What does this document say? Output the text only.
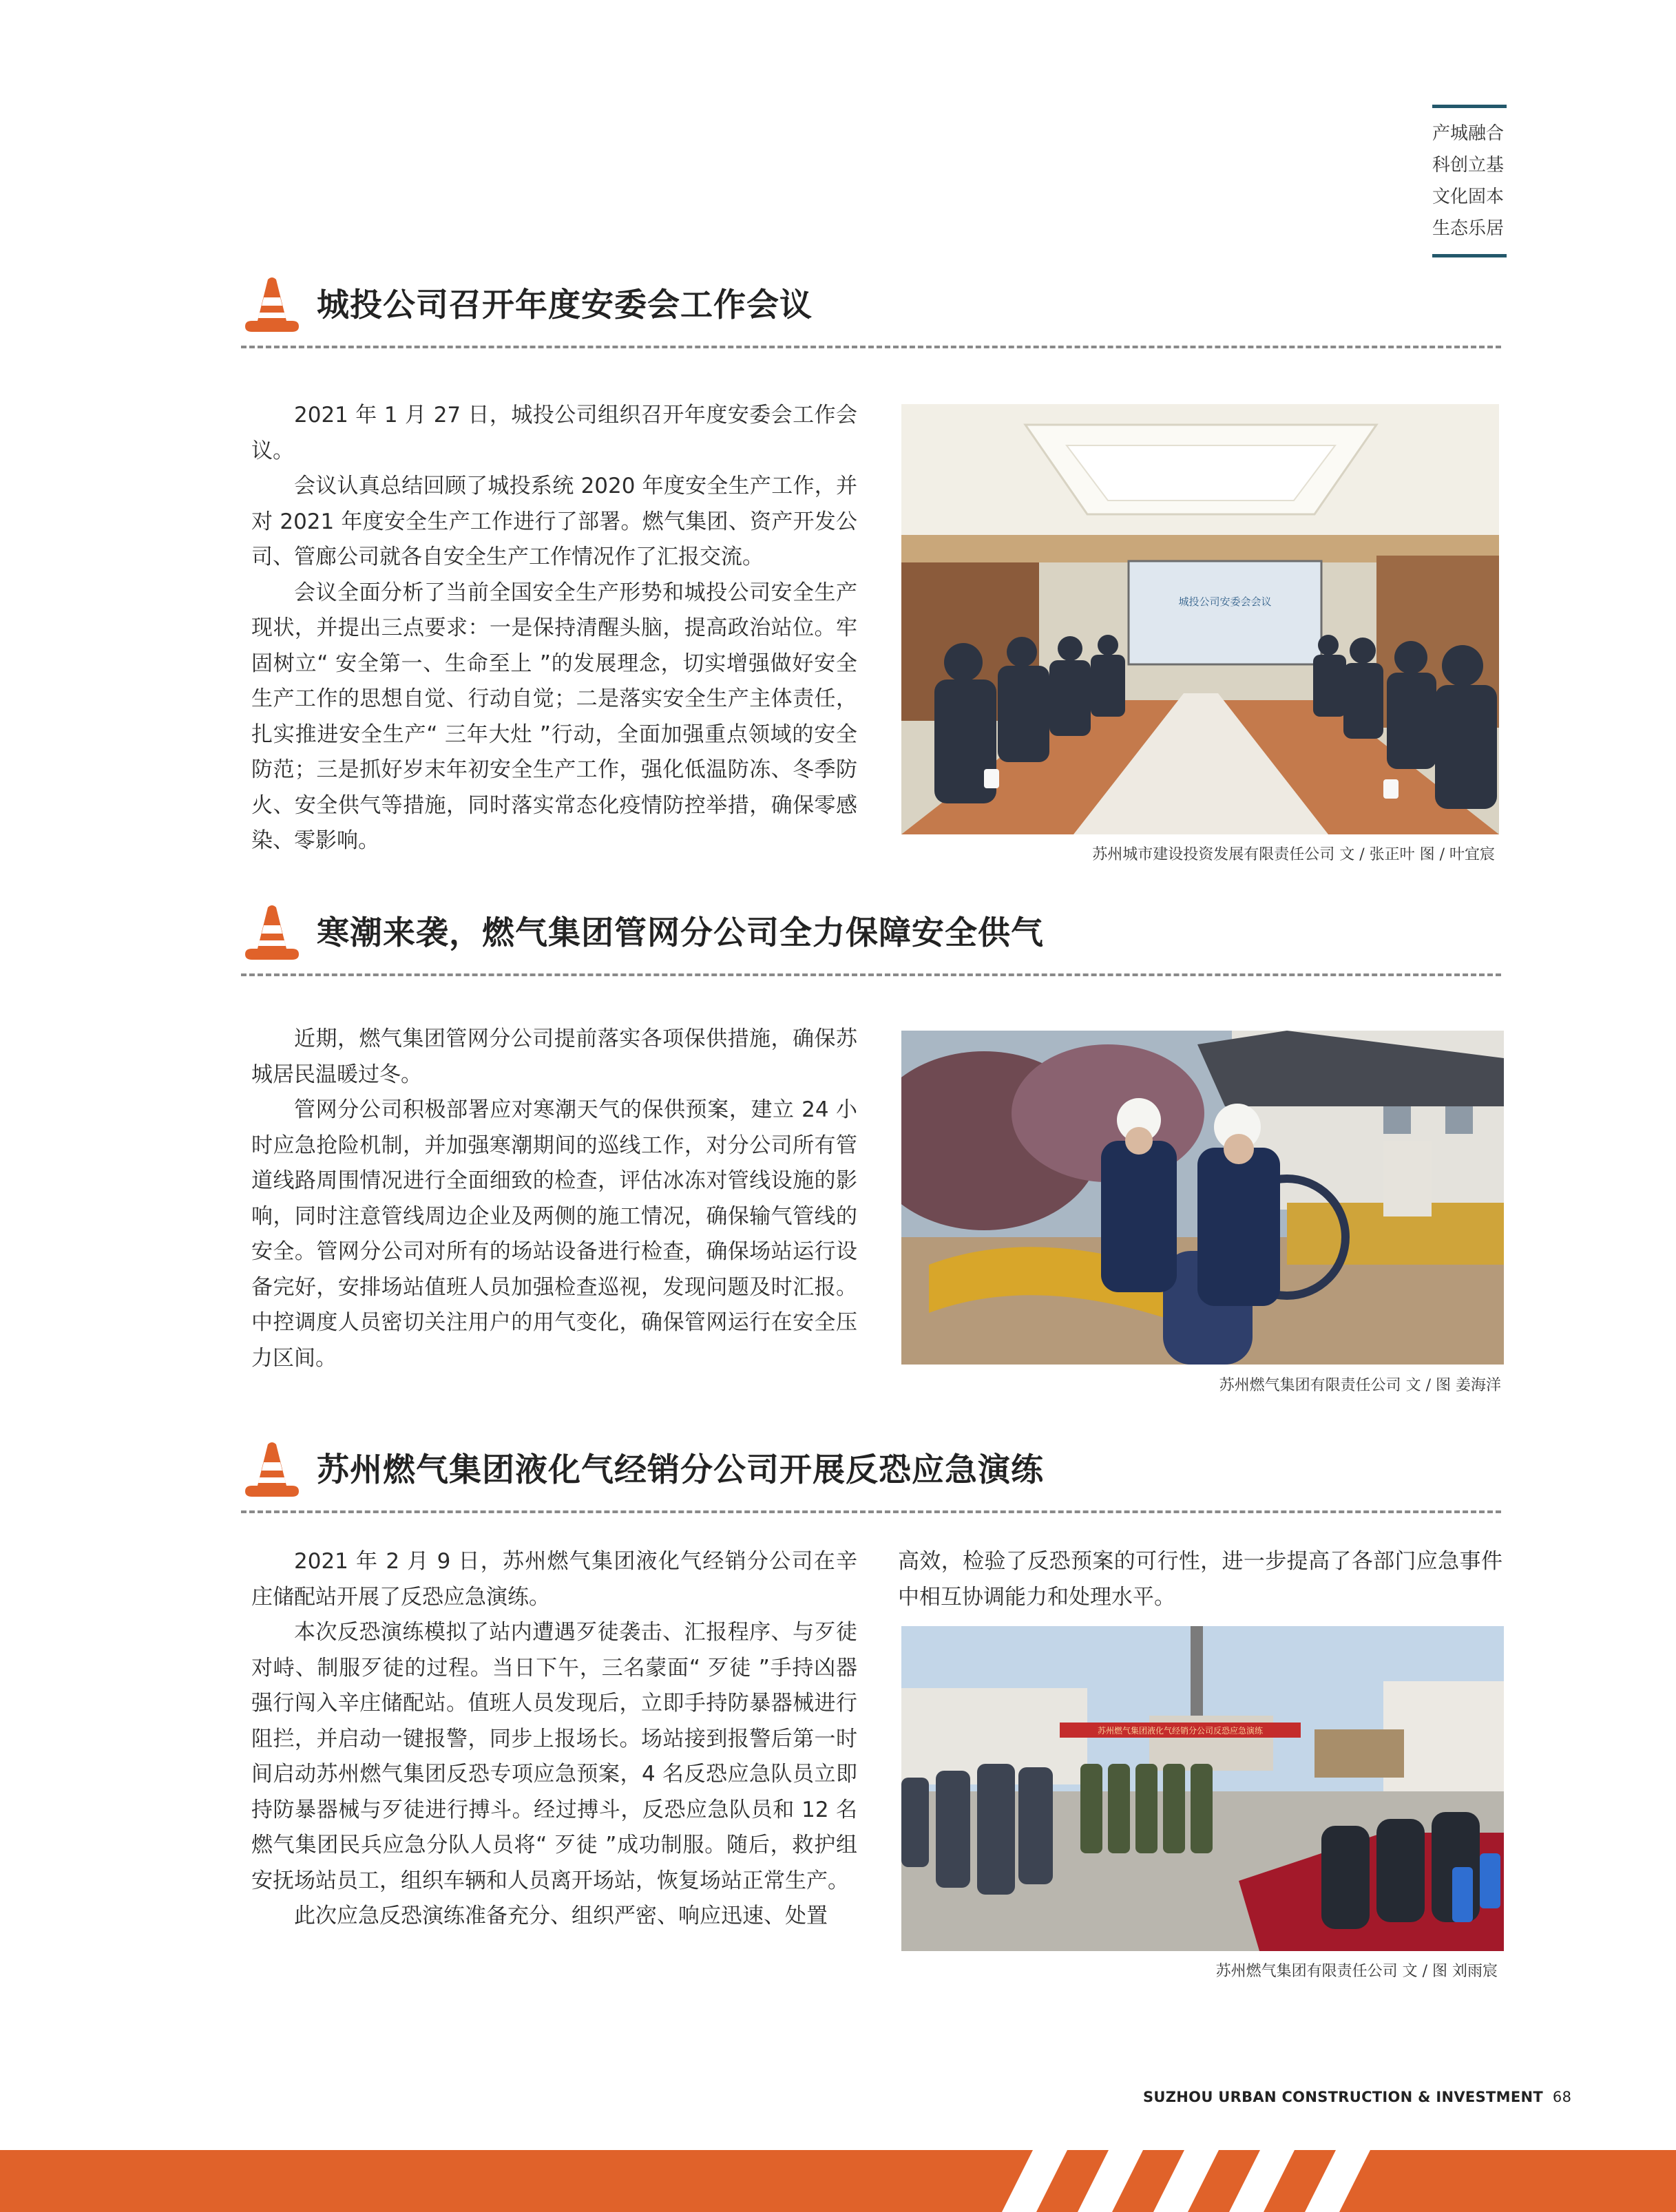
产城融合
科创立基
文化固本
生态乐居
城投公司召开年度安委会工作会议

2021 年 1 月 27 日，城投公司组织召开年度安委会工作会议。

会议认真总结回顾了城投系统 2020 年度安全生产工作，并对 2021 年度安全生产工作进行了部署。燃气集团、资产开发公司、管廊公司就各自安全生产工作情况作了汇报交流。

会议全面分析了当前全国安全生产形势和城投公司安全生产现状，并提出三点要求：一是保持清醒头脑，提高政治站位。牢固树立“ 安全第一、生命至上 ”的发展理念，切实增强做好安全生产工作的思想自觉、行动自觉；二是落实安全生产主体责任，扎实推进安全生产“ 三年大灶 ”行动，全面加强重点领域的安全防范；三是抓好岁末年初安全生产工作，强化低温防冻、冬季防火、安全供气等措施，同时落实常态化疫情防控举措，确保零感染、零影响。

城投公司安委会会议
苏州城市建设投资发展有限责任公司 文 / 张正叶 图 / 叶宜宸
寒潮来袭，燃气集团管网分公司全力保障安全供气

近期，燃气集团管网分公司提前落实各项保供措施，确保苏城居民温暖过冬。

管网分公司积极部署应对寒潮天气的保供预案，建立 24 小时应急抢险机制，并加强寒潮期间的巡线工作，对分公司所有管道线路周围情况进行全面细致的检查，评估冰冻对管线设施的影响，同时注意管线周边企业及两侧的施工情况，确保输气管线的安全。管网分公司对所有的场站设备进行检查，确保场站运行设备完好，安排场站值班人员加强检查巡视，发现问题及时汇报。中控调度人员密切关注用户的用气变化，确保管网运行在安全压力区间。

苏州燃气集团有限责任公司 文 / 图 姜海洋
苏州燃气集团液化气经销分公司开展反恐应急演练

2021 年 2 月 9 日，苏州燃气集团液化气经销分公司在辛庄储配站开展了反恐应急演练。

本次反恐演练模拟了站内遭遇歹徒袭击、汇报程序、与歹徒对峙、制服歹徒的过程。当日下午，三名蒙面“ 歹徒 ”手持凶器强行闯入辛庄储配站。值班人员发现后，立即手持防暴器械进行阻拦，并启动一键报警，同步上报场长。场站接到报警后第一时间启动苏州燃气集团反恐专项应急预案，4 名反恐应急队员立即持防暴器械与歹徒进行搏斗。经过搏斗，反恐应急队员和 12 名燃气集团民兵应急分队人员将“ 歹徒 ”成功制服。随后，救护组安抚场站员工，组织车辆和人员离开场站，恢复场站正常生产。

此次应急反恐演练准备充分、组织严密、响应迅速、处置

高效，检验了反恐预案的可行性，进一步提高了各部门应急事件中相互协调能力和处理水平。

苏州燃气集团液化气经销分公司反恐应急演练
苏州燃气集团有限责任公司 文 / 图 刘雨宸
SUZHOU URBAN CONSTRUCTION & INVESTMENT 68
